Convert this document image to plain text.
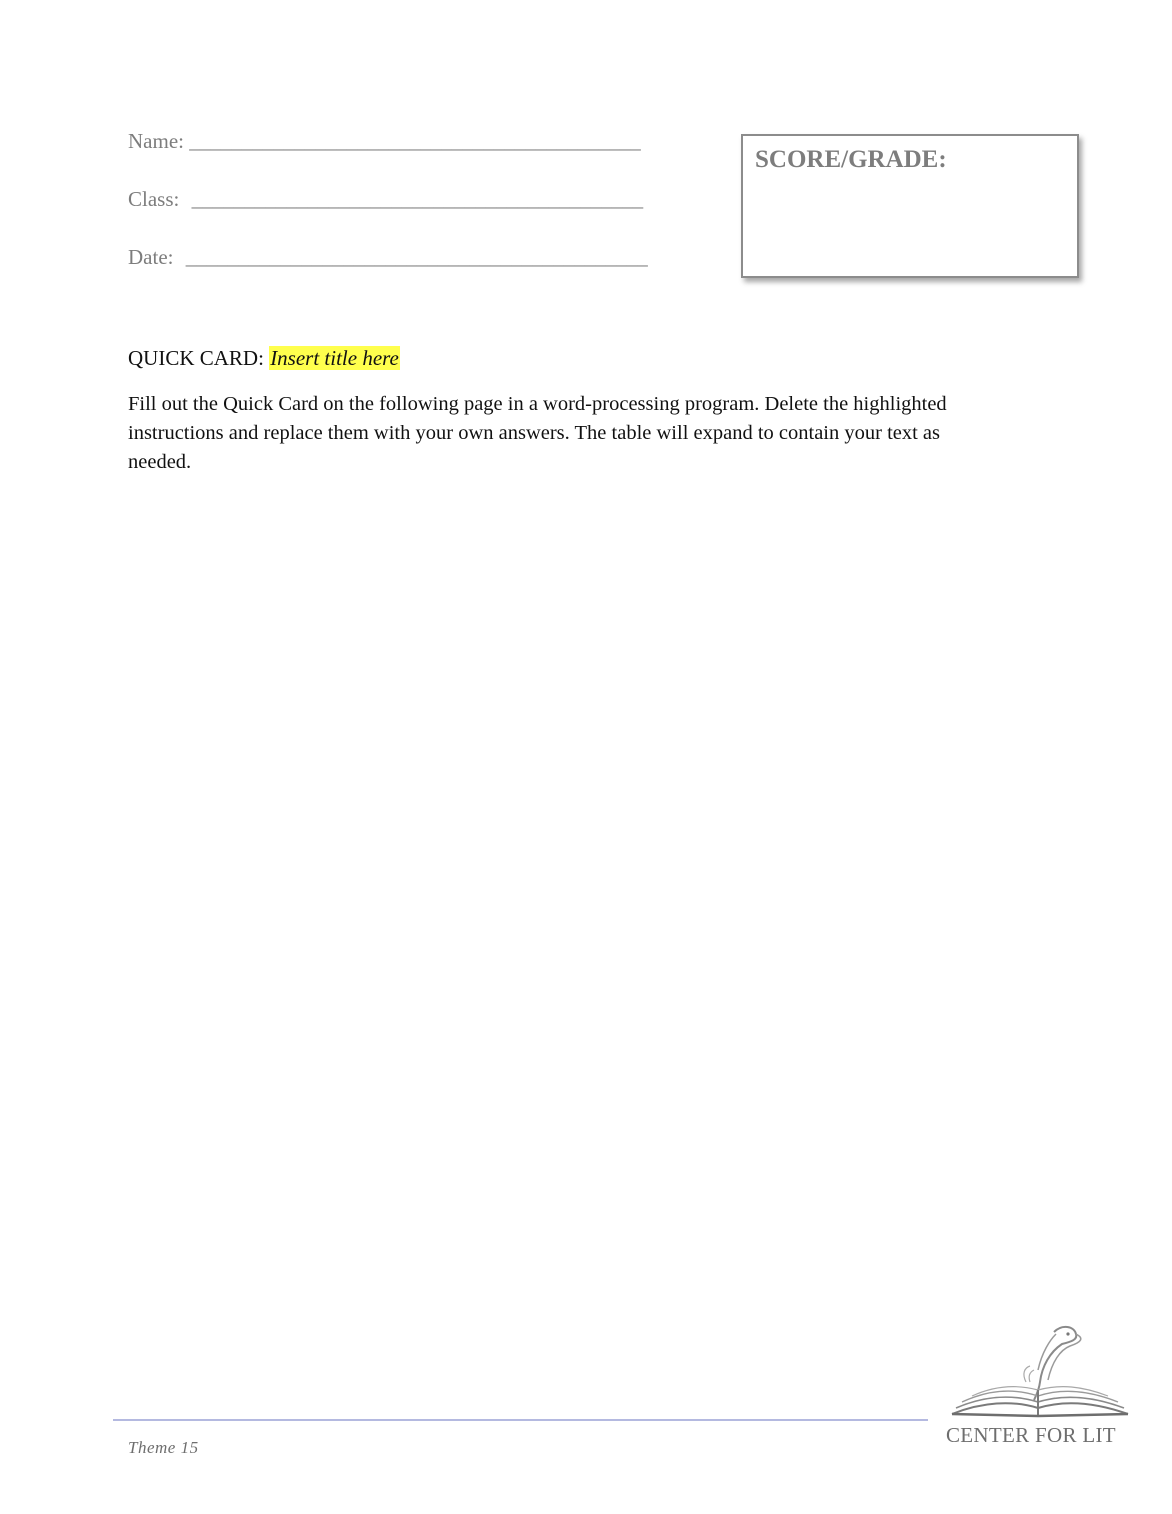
Name: ___________________________________________
Class: ___________________________________________
Date: ____________________________________________
SCORE/GRADE:
QUICK CARD: Insert title here
Fill out the Quick Card on the following page in a word-processing program. Delete the highlighted instructions and replace them with your own answers. The table will expand to contain your text as needed.
Theme 15
CENTER FOR LIT
